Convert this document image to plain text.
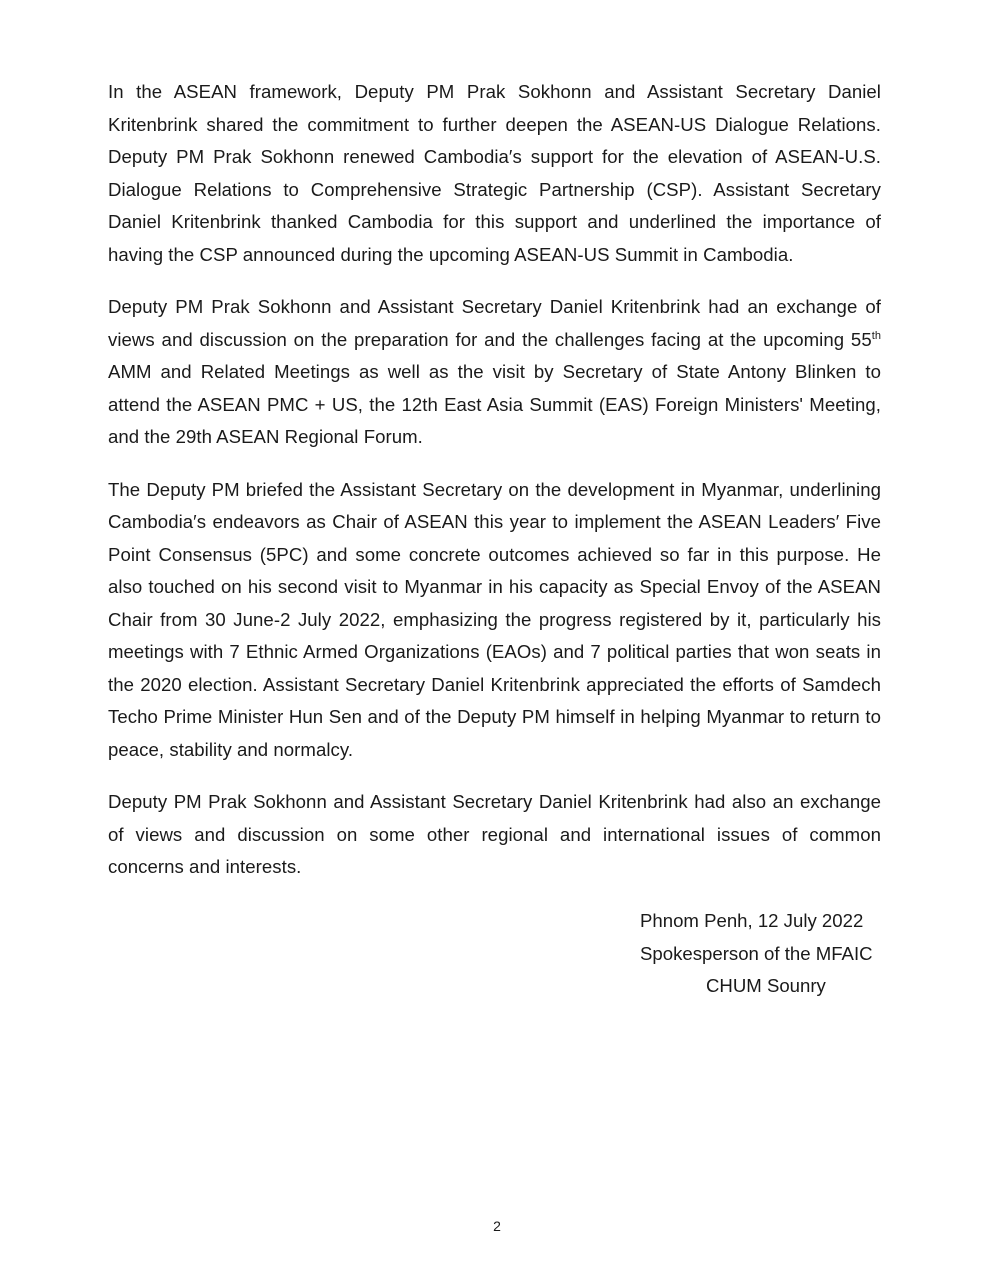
In the ASEAN framework, Deputy PM Prak Sokhonn and Assistant Secretary Daniel Kritenbrink shared the commitment to further deepen the ASEAN-US Dialogue Relations. Deputy PM Prak Sokhonn renewed Cambodia′s support for the elevation of ASEAN-U.S. Dialogue Relations to Comprehensive Strategic Partnership (CSP). Assistant Secretary Daniel Kritenbrink thanked Cambodia for this support and underlined the importance of having the CSP announced during the upcoming ASEAN-US Summit in Cambodia.

Deputy PM Prak Sokhonn and Assistant Secretary Daniel Kritenbrink had an exchange of views and discussion on the preparation for and the challenges facing at the upcoming 55th AMM and Related Meetings as well as the visit by Secretary of State Antony Blinken to attend the ASEAN PMC + US, the 12th East Asia Summit (EAS) Foreign Ministers' Meeting, and the 29th ASEAN Regional Forum.

The Deputy PM briefed the Assistant Secretary on the development in Myanmar, underlining Cambodia′s endeavors as Chair of ASEAN this year to implement the ASEAN Leaders′ Five Point Consensus (5PC) and some concrete outcomes achieved so far in this purpose. He also touched on his second visit to Myanmar in his capacity as Special Envoy of the ASEAN Chair from 30 June-2 July 2022, emphasizing the progress registered by it, particularly his meetings with 7 Ethnic Armed Organizations (EAOs) and 7 political parties that won seats in the 2020 election. Assistant Secretary Daniel Kritenbrink appreciated the efforts of Samdech Techo Prime Minister Hun Sen and of the Deputy PM himself in helping Myanmar to return to peace, stability and normalcy.

Deputy PM Prak Sokhonn and Assistant Secretary Daniel Kritenbrink had also an exchange of views and discussion on some other regional and international issues of common concerns and interests.

Phnom Penh, 12 July 2022
Spokesperson of the MFAIC
CHUM Sounry
2
